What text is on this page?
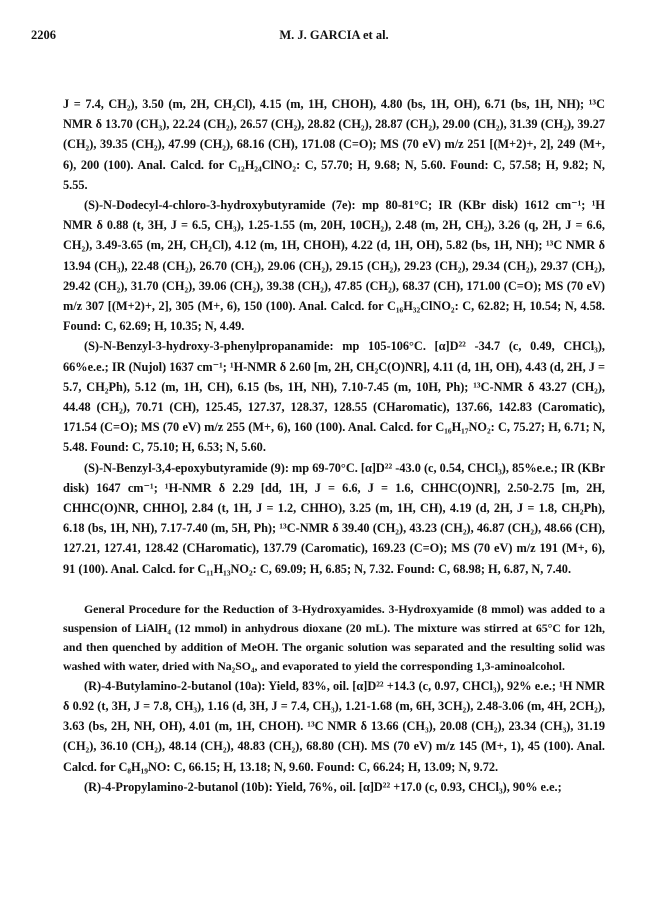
2206	M. J. GARCIA et al.

J = 7.4, CH₂), 3.50 (m, 2H, CH₂Cl), 4.15 (m, 1H, CHOH), 4.80 (bs, 1H, OH), 6.71 (bs, 1H, NH); ¹³C NMR δ 13.70 (CH₃), 22.24 (CH₂), 26.57 (CH₂), 28.82 (CH₂), 28.87 (CH₂), 29.00 (CH₂), 31.39 (CH₂), 39.27 (CH₂), 39.35 (CH₂), 47.99 (CH₂), 68.16 (CH), 171.08 (C=O); MS (70 eV) m/z 251 [(M+2)+, 2], 249 (M+, 6), 200 (100). Anal. Calcd. for C₁₂H₂₄ClNO₂: C, 57.70; H, 9.68; N, 5.60. Found: C, 57.58; H, 9.82; N, 5.55.

(S)-N-Dodecyl-4-chloro-3-hydroxybutyramide (7e): mp 80-81°C; IR (KBr disk) 1612 cm⁻¹; ¹H NMR δ 0.88 (t, 3H, J = 6.5, CH₃), 1.25-1.55 (m, 20H, 10CH₂), 2.48 (m, 2H, CH₂), 3.26 (q, 2H, J = 6.6, CH₂), 3.49-3.65 (m, 2H, CH₂Cl), 4.12 (m, 1H, CHOH), 4.22 (d, 1H, OH), 5.82 (bs, 1H, NH); ¹³C NMR δ 13.94 (CH₃), 22.48 (CH₂), 26.70 (CH₂), 29.06 (CH₂), 29.15 (CH₂), 29.23 (CH₂), 29.34 (CH₂), 29.37 (CH₂), 29.42 (CH₂), 31.70 (CH₂), 39.06 (CH₂), 39.38 (CH₂), 47.85 (CH₂), 68.37 (CH), 171.00 (C=O); MS (70 eV) m/z 307 [(M+2)+, 2], 305 (M+, 6), 150 (100). Anal. Calcd. for C₁₆H₃₂ClNO₂: C, 62.82; H, 10.54; N, 4.58. Found: C, 62.69; H, 10.35; N, 4.49.

(S)-N-Benzyl-3-hydroxy-3-phenylpropanamide: mp 105-106°C. [α]D²² -34.7 (c, 0.49, CHCl₃), 66%e.e.; IR (Nujol) 1637 cm⁻¹; ¹H-NMR δ 2.60 [m, 2H, CH₂C(O)NR], 4.11 (d, 1H, OH), 4.43 (d, 2H, J = 5.7, CH₂Ph), 5.12 (m, 1H, CH), 6.15 (bs, 1H, NH), 7.10-7.45 (m, 10H, Ph); ¹³C-NMR δ 43.27 (CH₂), 44.48 (CH₂), 70.71 (CH), 125.45, 127.37, 128.37, 128.55 (CHaromatic), 137.66, 142.83 (Caromatic), 171.54 (C=O); MS (70 eV) m/z 255 (M+, 6), 160 (100). Anal. Calcd. for C₁₆H₁₇NO₂: C, 75.27; H, 6.71; N, 5.48. Found: C, 75.10; H, 6.53; N, 5.60.

(S)-N-Benzyl-3,4-epoxybutyramide (9): mp 69-70°C. [α]D²² -43.0 (c, 0.54, CHCl₃), 85%e.e.; IR (KBr disk) 1647 cm⁻¹; ¹H-NMR δ 2.29 [dd, 1H, J = 6.6, J = 1.6, CHHC(O)NR], 2.50-2.75 [m, 2H, CHHC(O)NR, CHHO], 2.84 (t, 1H, J = 1.2, CHHO), 3.25 (m, 1H, CH), 4.19 (d, 2H, J = 1.8, CH₂Ph), 6.18 (bs, 1H, NH), 7.17-7.40 (m, 5H, Ph); ¹³C-NMR δ 39.40 (CH₂), 43.23 (CH₂), 46.87 (CH₂), 48.66 (CH), 127.21, 127.41, 128.42 (CHaromatic), 137.79 (Caromatic), 169.23 (C=O); MS (70 eV) m/z 191 (M+, 6), 91 (100). Anal. Calcd. for C₁₁H₁₃NO₂: C, 69.09; H, 6.85; N, 7.32. Found: C, 68.98; H, 6.87, N, 7.40.

General Procedure for the Reduction of 3-Hydroxyamides. 3-Hydroxyamide (8 mmol) was added to a suspension of LiAlH₄ (12 mmol) in anhydrous dioxane (20 mL). The mixture was stirred at 65°C for 12h, and then quenched by addition of MeOH. The organic solution was separated and the resulting solid was washed with water, dried with Na₂SO₄, and evaporated to yield the corresponding 1,3-aminoalcohol.

(R)-4-Butylamino-2-butanol (10a): Yield, 83%, oil. [α]D²² +14.3 (c, 0.97, CHCl₃), 92% e.e.; ¹H NMR δ 0.92 (t, 3H, J = 7.8, CH₃), 1.16 (d, 3H, J = 7.4, CH₃), 1.21-1.68 (m, 6H, 3CH₂), 2.48-3.06 (m, 4H, 2CH₂), 3.63 (bs, 2H, NH, OH), 4.01 (m, 1H, CHOH). ¹³C NMR δ 13.66 (CH₃), 20.08 (CH₂), 23.34 (CH₃), 31.19 (CH₂), 36.10 (CH₂), 48.14 (CH₂), 48.83 (CH₂), 68.80 (CH). MS (70 eV) m/z 145 (M+, 1), 45 (100). Anal. Calcd. for C₈H₁₉NO: C, 66.15; H, 13.18; N, 9.60. Found: C, 66.24; H, 13.09; N, 9.72.

(R)-4-Propylamino-2-butanol (10b): Yield, 76%, oil. [α]D²² +17.0 (c, 0.93, CHCl₃), 90% e.e.;
